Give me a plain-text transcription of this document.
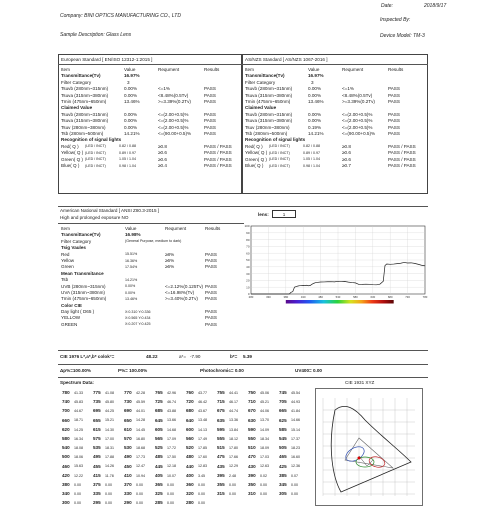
Date:	2018/9/17
Company: BINI OPTICS MANUFACTURING CO., LTD
Inspected By:
Sample Description: Glass Lens	Device Model: TM-3
European Standard [ EN/ISO 12312-1:2015 ]	AS/NZS Standard [ AS/NZS 1067-2016 ]
Item	Value	Requment	Results
Transmittance(Tv)	16.97%
Filter Category	3
Tsuvb (280nm~315nm)	0.00%	<=1%	PASS
Tsuva (315nm~380nm)	0.00%	<8.48%(0.5Tv)	PASS
Tmin (475nm~650nm)	13.46%	>=3.39%(0.2Tv)	PASS
Claimed Value
Tsuvb (280nm~315nm)	0.00%	<=(2.00+0.5)%	PASS
Tsuva (315nm~380nm)	0.00%	<=(2.00+0.5)%	PASS
Tsuv (280nm~380nm)	0.00%	<=(2.00+0.5)%	PASS
Tsb (280nm~500nm)	14.21%	<=(90.00+0.5)%	PASS
Recognition of signal lights
Red( Q ) (LED / INCT)	0.82 / 0.88	≥0.8	PASS / PASS
Yellow( Q ) (LED / INCT)	0.89 / 0.97	≥0.6	PASS / PASS
Green( Q ) (LED / INCT)	1.05 / 1.04	≥0.6	PASS / PASS
Blue( Q ) (LED / INCT)	0.98 / 1.04	≥0.4	PASS / PASS
Item	Value	Requment	Results
Transmittance(Tv)	16.97%
Filter Category	3
Tsuvb (280nm~315nm)	0.00%	<=1%	PASS
Tsuva (315nm~380nm)	0.00%	<8.48%(0.5Tv)	PASS
Tmin (475nm~650nm)	13.46%	>=3.39%(0.2Tv)	PASS
Claimed Value
Tsuvb (280nm~315nm)	0.00%	<=(2.00+0.5)%	PASS
Tsuva (315nm~380nm)	0.00%	<=(2.00+0.5)%	PASS
Tsuv (280nm~380nm)	0.19%	<=(2.00+0.5)%	PASS
Tsb (280nm~500nm)	14.21%	<=(90.00+0.5)%	PASS
Recognition of signal lights
Red( Q ) (LED / INCT)	0.82 / 0.88	≥0.8	PASS / PASS
Yellow( Q ) (LED / INCT)	0.89 / 0.97	≥0.6	PASS / PASS
Green( Q ) (LED / INCT)	1.05 / 1.04	≥0.6	PASS / PASS
Blue( Q ) (LED / INCT)	0.98 / 1.04	≥0.7	PASS / PASS
American National Standard [ ANSI Z80.3-2015 ]
High and prolonged exposure NO
lens:	1
Item	Value	Requment	Results
Transmittance(Tv)	16.98%
Filter Category	(General Purpose, medium to dark)
Tsig Vaules
Red	15.51%	≥8%	PASS
Yellow	16.36%	≥6%	PASS
Green	17.54%	≥6%	PASS
Mean Transmitance
Tsb	14.21%
UVB (280nm~315nm)	0.00%	<=2.12%(0.125Tv) PASS
UVA (315nm~380nm)	0.00%	<=16.98%(Tv) PASS
Tmin (475nm~650nm)	13.46%	>=3.40%(0.2Tv) PASS
Color CIE
Day light ( D65 )	X:0.310 Y:0.336	PASS
YELLOW	X:0.565 Y:0.434	PASS
GREEN	X:0.207 Y:0.425	PASS
100
90
80
70
60
50
40
30
20
10
0
280	330	380	430	480	530	580	630	680	730	780
CIE 1976 L*,a*,b* colok°=	48.22	a*= -7.90	b*= 5.39
Δp%=100.00%	P%= 100.00%	Photochromic= 0.00	UV400= 0.00
Spectrum Data:	CIE 1931 XYZ
780 41.33 775 41.08 770 42.28 765 42.96 760 43.77 755 44.41 750 45.06 745 45.54
740 45.83 735 45.80 730 45.59 725 46.74 720 46.42 715 46.17 710 45.21 705 44.93
700 44.67 695 44.25 690 44.01 685 43.88 680 43.67 675 44.74 670 44.06 665 41.84
660 18.71 655 15.21 650 14.28 645 13.66 640 13.48 635 13.36 630 13.70 625 14.66
620 14.25 615 14.30 610 14.45 605 14.68 600 14.13 595 13.84 590 14.09 585 15.14
580 16.34 575 17.00 570 16.80 565 17.09 560 17.49 555 18.12 550 18.34 545 17.37
540 18.08 535 18.31 530 18.68 525 17.72 520 17.85 515 17.80 510 18.09 505 18.23
500 18.06 495 17.88 490 17.73 485 17.50 480 17.60 475 17.66 470 17.03 465 16.60
460 15.63 455 14.26 450 12.47 445 12.18 440 12.83 435 12.29 430 12.63 425 12.36
420 12.22 415 11.78 410 10.94 405 10.07 400 3.45	395 2.48	390 0.02	385 0.07
380 0.00	375 0.00	370 0.00	365 0.00	360 0.00	355 0.00	350 0.00	345 0.00
340 0.00	335 0.00	330 0.00	325 0.00	320 0.00	315 0.00	310 0.00	305 0.00
300 0.00	295 0.00	290 0.00	285 0.00	280 0.00
